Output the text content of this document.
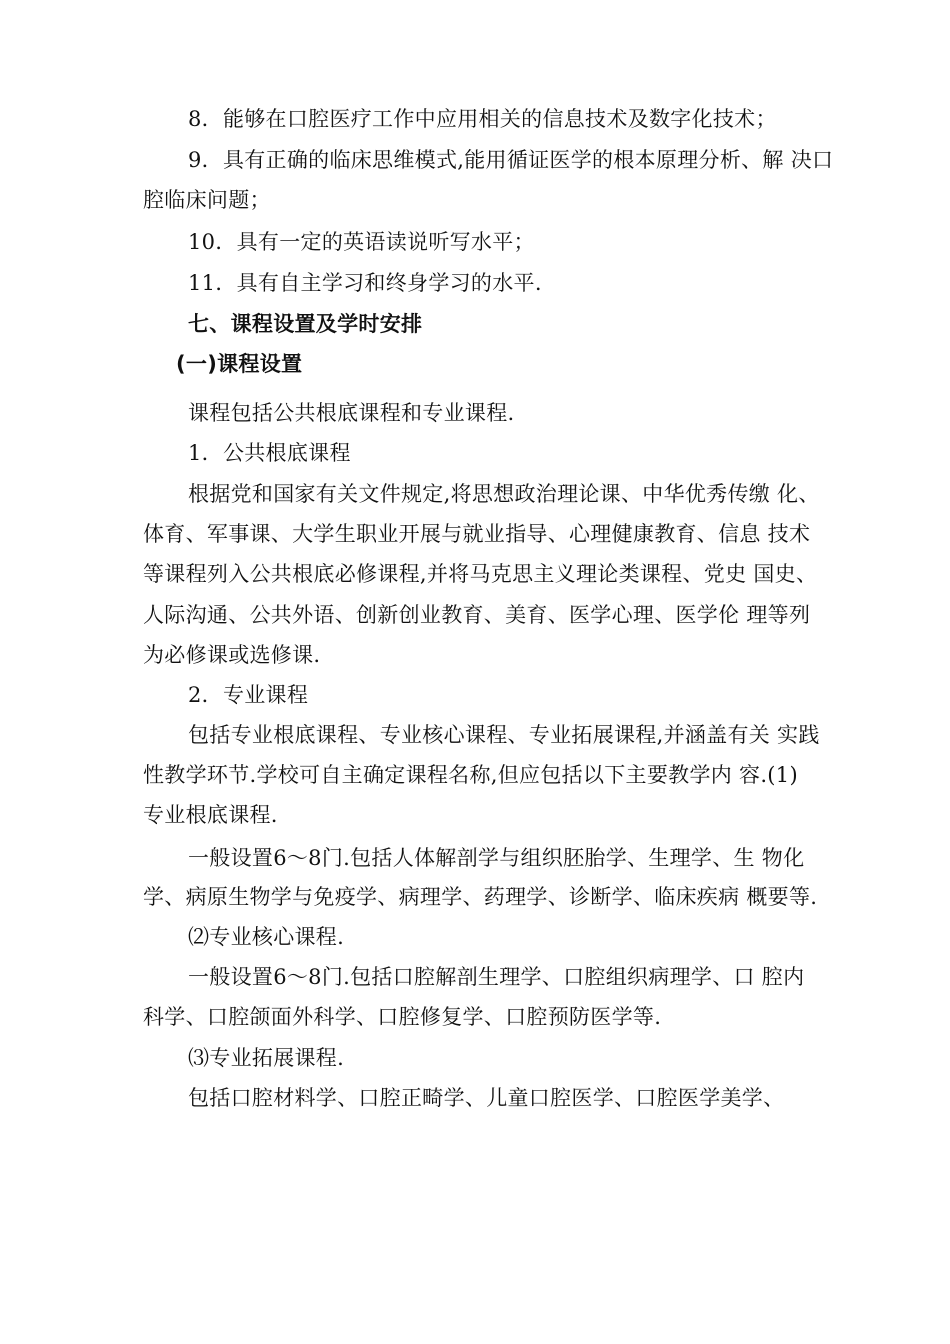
8．能够在口腔医疗工作中应用相关的信息技术及数字化技术；
9．具有正确的临床思维模式,能用循证医学的根本原理分析、解 决口
腔临床问题；
10．具有一定的英语读说听写水平；
11．具有自主学习和终身学习的水平.
七、课程设置及学时安排
(一)课程设置
课程包括公共根底课程和专业课程.
1．公共根底课程
根据党和国家有关文件规定,将思想政治理论课、中华优秀传缴 化、
体育、军事课、大学生职业开展与就业指导、心理健康教育、信息 技术
等课程列入公共根底必修课程,并将马克思主义理论类课程、党史 国史、
人际沟通、公共外语、创新创业教育、美育、医学心理、医学伦 理等列
为必修课或选修课.
2．专业课程
包括专业根底课程、专业核心课程、专业拓展课程,并涵盖有关 实践
性教学环节.学校可自主确定课程名称,但应包括以下主要教学内 容.(1)
专业根底课程.
一般设置6〜8门.包括人体解剖学与组织胚胎学、生理学、生 物化
学、病原生物学与免疫学、病理学、药理学、诊断学、临床疾病 概要等.
⑵专业核心课程.
一般设置6〜8门.包括口腔解剖生理学、口腔组织病理学、口 腔内
科学、口腔颌面外科学、口腔修复学、口腔预防医学等.
⑶专业拓展课程.
包括口腔材料学、口腔正畸学、儿童口腔医学、口腔医学美学、
